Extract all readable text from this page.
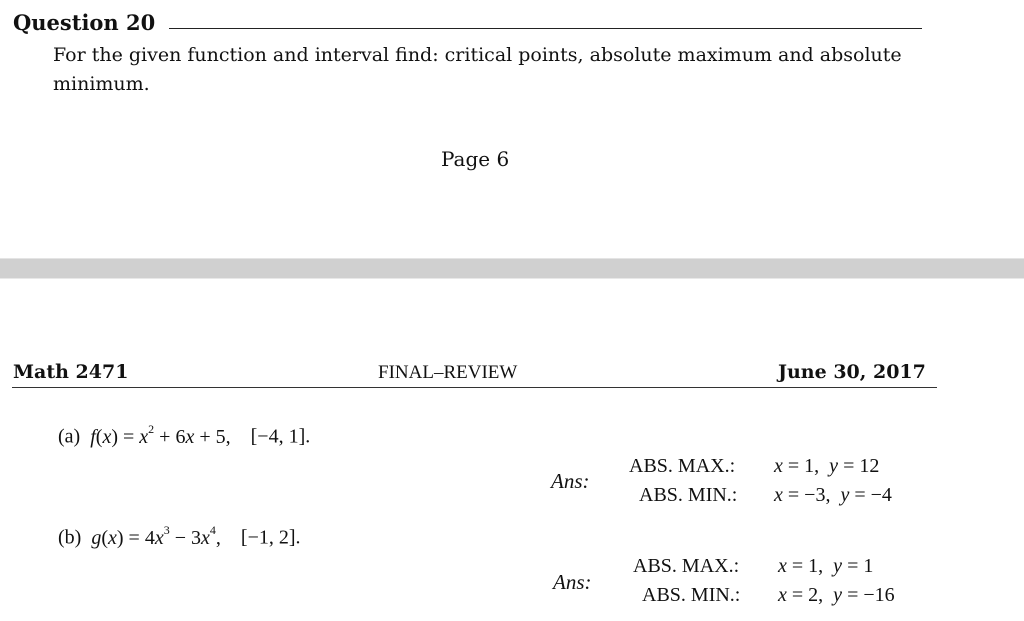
Question 20
For the given function and interval find: critical points, absolute maximum and absolute
minimum.
Page 6
Math 2471	FINAL–REVIEW	June 30, 2017
(a) $f(x) = x^2 + 6x + 5$, [−4, 1].
Ans:
ABS. MAX.: x = 1,  y = 12
ABS. MIN.: x = −3,  y = −4
(b) $g(x) = 4x^3 - 3x^4$, [−1, 2].
Ans:
ABS. MAX.: x = 1,  y = 1
ABS. MIN.: x = 2,  y = −16
